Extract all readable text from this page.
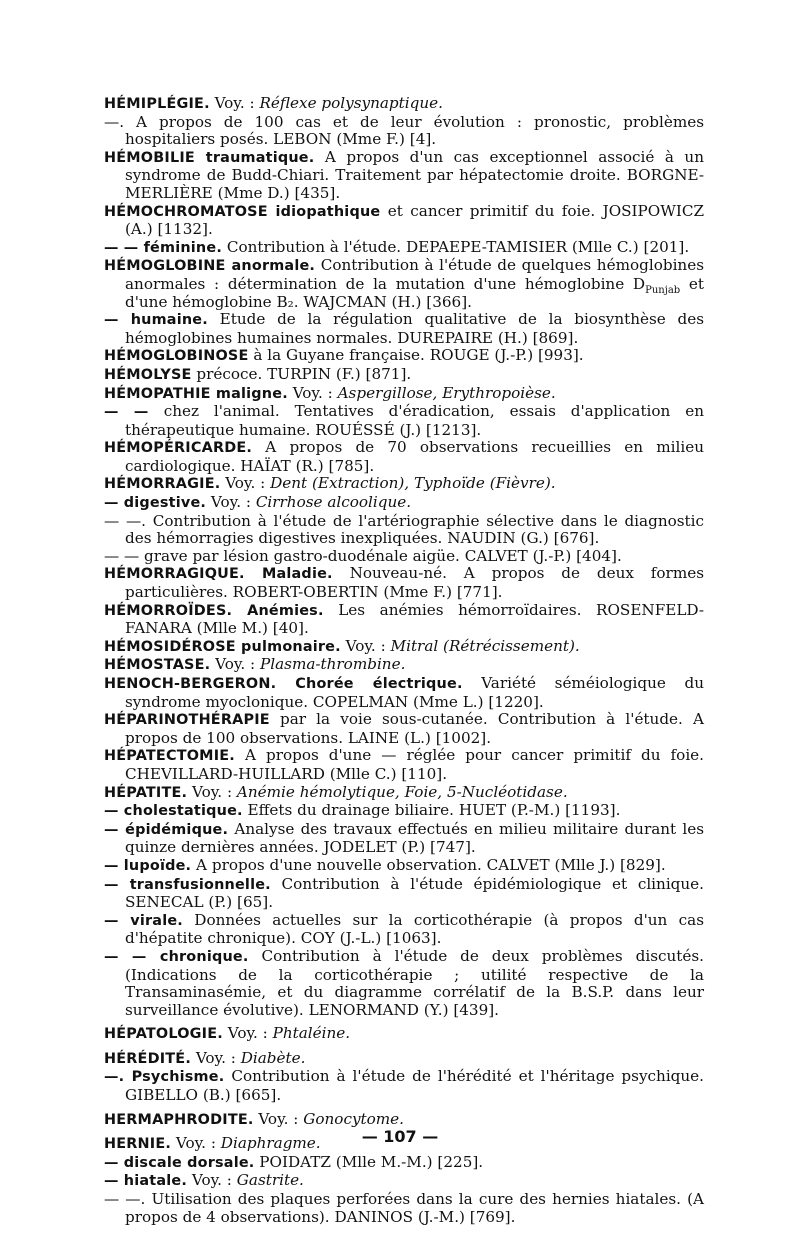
HÉMIPLÉGIE. Voy. : Réflexe polysynaptique.

—. A propos de 100 cas et de leur évolution : pronostic, problèmes hospitaliers posés. LEBON (Mme F.) [4].

HÉMOBILIE traumatique. A propos d'un cas exceptionnel associé à un syndrome de Budd-Chiari. Traitement par hépatectomie droite. BORGNE-MERLIÈRE (Mme D.) [435].

HÉMOCHROMATOSE idiopathique et cancer primitif du foie. JOSIPOWICZ (A.) [1132].

— — féminine. Contribution à l'étude. DEPAEPE-TAMISIER (Mlle C.) [201].

HÉMOGLOBINE anormale. Contribution à l'étude de quelques hémoglobines anormales : détermination de la mutation d'une hémoglobine $D_{Punjab}$ et d'une hémoglobine B₂. WAJCMAN (H.) [366].

— humaine. Etude de la régulation qualitative de la biosynthèse des hémoglobines humaines normales. DUREPAIRE (H.) [869].

HÉMOGLOBINOSE à la Guyane française. ROUGE (J.-P.) [993].

HÉMOLYSE précoce. TURPIN (F.) [871].

HÉMOPATHIE maligne. Voy. : Aspergillose, Erythropoièse.

— — chez l'animal. Tentatives d'éradication, essais d'application en thérapeutique humaine. ROUÉSSÉ (J.) [1213].

HÉMOPÉRICARDE. A propos de 70 observations recueillies en milieu cardiologique. HAÏAT (R.) [785].

HÉMORRAGIE. Voy. : Dent (Extraction), Typhoïde (Fièvre).

— digestive. Voy. : Cirrhose alcoolique.

— —. Contribution à l'étude de l'artériographie sélective dans le diagnostic des hémorragies digestives inexpliquées. NAUDIN (G.) [676].

— — grave par lésion gastro-duodénale aigüe. CALVET (J.-P.) [404].

HÉMORRAGIQUE. Maladie. Nouveau-né. A propos de deux formes particulières. ROBERT-OBERTIN (Mme F.) [771].

HÉMORROÏDES. Anémies. Les anémies hémorroïdaires. ROSENFELD-FANARA (Mlle M.) [40].

HÉMOSIDÉROSE pulmonaire. Voy. : Mitral (Rétrécissement).

HÉMOSTASE. Voy. : Plasma-thrombine.

HENOCH-BERGERON. Chorée électrique. Variété séméiologique du syndrome myoclonique. COPELMAN (Mme L.) [1220].

HÉPARINOTHÉRAPIE par la voie sous-cutanée. Contribution à l'étude. A propos de 100 observations. LAINE (L.) [1002].

HÉPATECTOMIE. A propos d'une — réglée pour cancer primitif du foie. CHEVILLARD-HUILLARD (Mlle C.) [110].

HÉPATITE. Voy. : Anémie hémolytique, Foie, 5-Nucléotidase.

— cholestatique. Effets du drainage biliaire. HUET (P.-M.) [1193].

— épidémique. Analyse des travaux effectués en milieu militaire durant les quinze dernières années. JODELET (P.) [747].

— lupoïde. A propos d'une nouvelle observation. CALVET (Mlle J.) [829].

— transfusionnelle. Contribution à l'étude épidémiologique et clinique. SENECAL (P.) [65].

— virale. Données actuelles sur la corticothérapie (à propos d'un cas d'hépatite chronique). COY (J.-L.) [1063].

— — chronique. Contribution à l'étude de deux problèmes discutés. (Indications de la corticothérapie ; utilité respective de la Transaminasémie, et du diagramme corrélatif de la B.S.P. dans leur surveillance évolutive). LENORMAND (Y.) [439].

HÉPATOLOGIE. Voy. : Phtaléine.

HÉRÉDITÉ. Voy. : Diabète.

—. Psychisme. Contribution à l'étude de l'hérédité et l'héritage psychique. GIBELLO (B.) [665].

HERMAPHRODITE. Voy. : Gonocytome.

HERNIE. Voy. : Diaphragme.

— discale dorsale. POIDATZ (Mlle M.-M.) [225].

— hiatale. Voy. : Gastrite.

— —. Utilisation des plaques perforées dans la cure des hernies hiatales. (A propos de 4 observations). DANINOS (J.-M.) [769].

— 107 —
